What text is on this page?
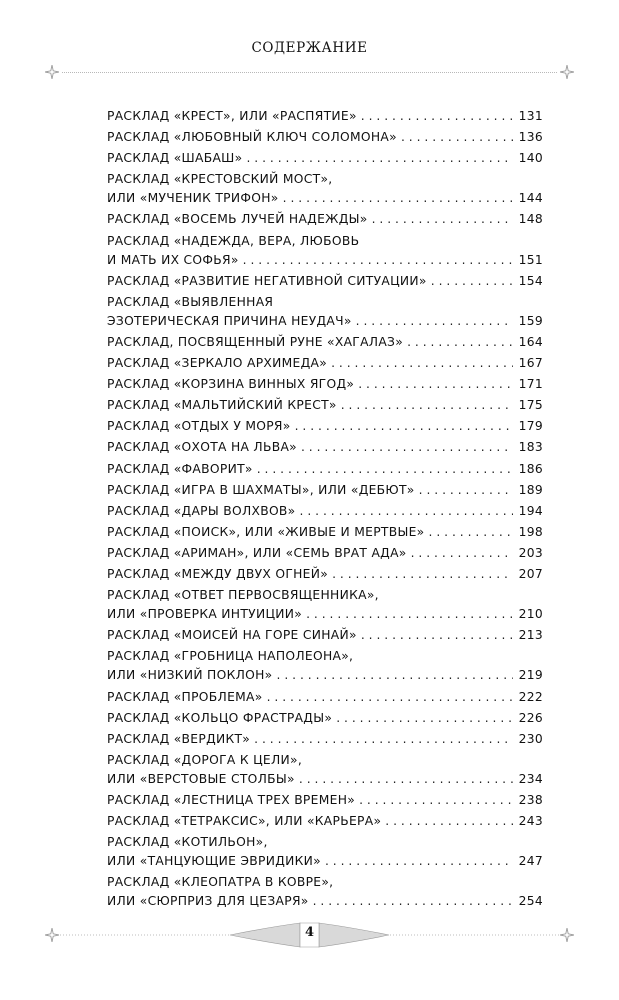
СОДЕРЖАНИЕ
РАСКЛАД «КРЕСТ», ИЛИ «РАСПЯТИЕ» . . .	131
РАСКЛАД «ЛЮБОВНЫЙ КЛЮЧ СОЛОМОНА» . . .	136
РАСКЛАД «ШАБАШ» . . .	140
РАСКЛАД «КРЕСТОВСКИЙ МОСТ»,
ИЛИ «МУЧЕНИК ТРИФОН» . . .	144
РАСКЛАД «ВОСЕМЬ ЛУЧЕЙ НАДЕЖДЫ» . . .	148
РАСКЛАД «НАДЕЖДА, ВЕРА, ЛЮБОВЬ
И МАТЬ ИХ СОФЬЯ» . . .	151
РАСКЛАД «РАЗВИТИЕ НЕГАТИВНОЙ СИТУАЦИИ» . . .	154
РАСКЛАД «ВЫЯВЛЕННАЯ
ЭЗОТЕРИЧЕСКАЯ ПРИЧИНА НЕУДАЧ» . . .	159
РАСКЛАД, ПОСВЯЩЕННЫЙ РУНЕ «ХАГАЛАЗ» . . .	164
РАСКЛАД «ЗЕРКАЛО АРХИМЕДА» . . .	167
РАСКЛАД «КОРЗИНА ВИННЫХ ЯГОД» . . .	171
РАСКЛАД «МАЛЬТИЙСКИЙ КРЕСТ» . . .	175
РАСКЛАД «ОТДЫХ У МОРЯ» . . .	179
РАСКЛАД «ОХОТА НА ЛЬВА» . . .	183
РАСКЛАД «ФАВОРИТ» . . .	186
РАСКЛАД «ИГРА В ШАХМАТЫ», ИЛИ «ДЕБЮТ» . . .	189
РАСКЛАД «ДАРЫ ВОЛХВОВ» . . .	194
РАСКЛАД «ПОИСК», ИЛИ «ЖИВЫЕ И МЕРТВЫЕ» . . .	198
РАСКЛАД «АРИМАН», ИЛИ «СЕМЬ ВРАТ АДА» . . .	203
РАСКЛАД «МЕЖДУ ДВУХ ОГНЕЙ» . . .	207
РАСКЛАД «ОТВЕТ ПЕРВОСВЯЩЕННИКА»,
ИЛИ «ПРОВЕРКА ИНТУИЦИИ» . . .	210
РАСКЛАД «МОИСЕЙ НА ГОРЕ СИНАЙ» . . .	213
РАСКЛАД «ГРОБНИЦА НАПОЛЕОНА»,
ИЛИ «НИЗКИЙ ПОКЛОН» . . .	219
РАСКЛАД «ПРОБЛЕМА» . . .	222
РАСКЛАД «КОЛЬЦО ФРАСТРАДЫ» . . .	226
РАСКЛАД «ВЕРДИКТ» . . .	230
РАСКЛАД «ДОРОГА К ЦЕЛИ»,
ИЛИ «ВЕРСТОВЫЕ СТОЛБЫ» . . .	234
РАСКЛАД «ЛЕСТНИЦА ТРЕХ ВРЕМЕН» . . .	238
РАСКЛАД «ТЕТРАКСИС», ИЛИ «КАРЬЕРА» . . .	243
РАСКЛАД «КОТИЛЬОН»,
ИЛИ «ТАНЦУЮЩИЕ ЭВРИДИКИ» . . .	247
РАСКЛАД «КЛЕОПАТРА В КОВРЕ»,
ИЛИ «СЮРПРИЗ ДЛЯ ЦЕЗАРЯ» . . .	254
4
